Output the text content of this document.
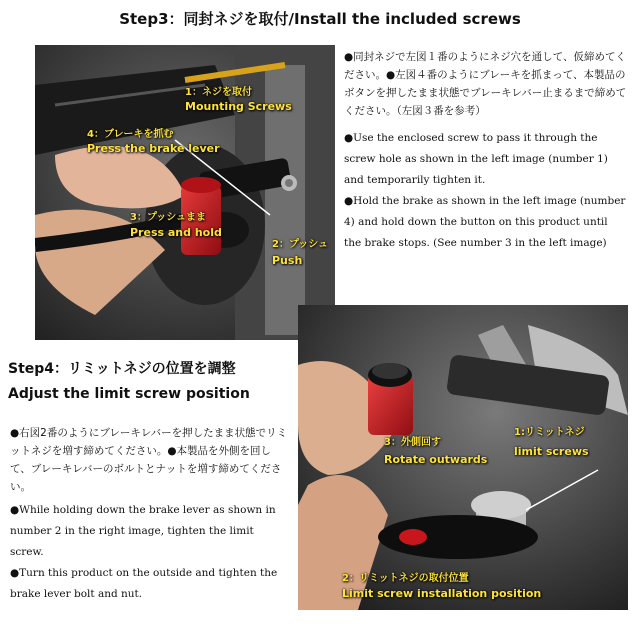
Step3：同封ネジを取付/Install the included screws
1：ネジを取付
Mounting Screws
4：ブレーキを抓む
Press the brake lever
3：プッシュまま
Press and hold
2：プッシュ
Push

●同封ネジで左図１番のようにネジ穴を通して、仮締めてください。●左図４番のようにブレーキを抓まって、本製品のボタンを押したまま状態でブレーキレバー止まるまで締めてください。（左図３番を参考）

●Use the enclosed screw to pass it through the screw hole as shown in the left image (number 1) and temporarily tighten it.

●Hold the brake as shown in the left image (number 4) and hold down the button on this product until the brake stops. (See number 3 in the left image)

Step4：リミットネジの位置を調整
Adjust the limit screw position

●右図2番のようにブレーキレバーを押したまま状態でリミットネジを増す締めてください。●本製品を外側を回して、ブレーキレバーのボルトとナットを増す締めてください。

●While holding down the brake lever as shown in number 2 in the right image, tighten the limit screw.

●Turn this product on the outside and tighten the brake lever bolt and nut.

3：外側回す
Rotate outwards
1:リミットネジ
limit screws
2：リミットネジの取付位置
Limit screw installation position
